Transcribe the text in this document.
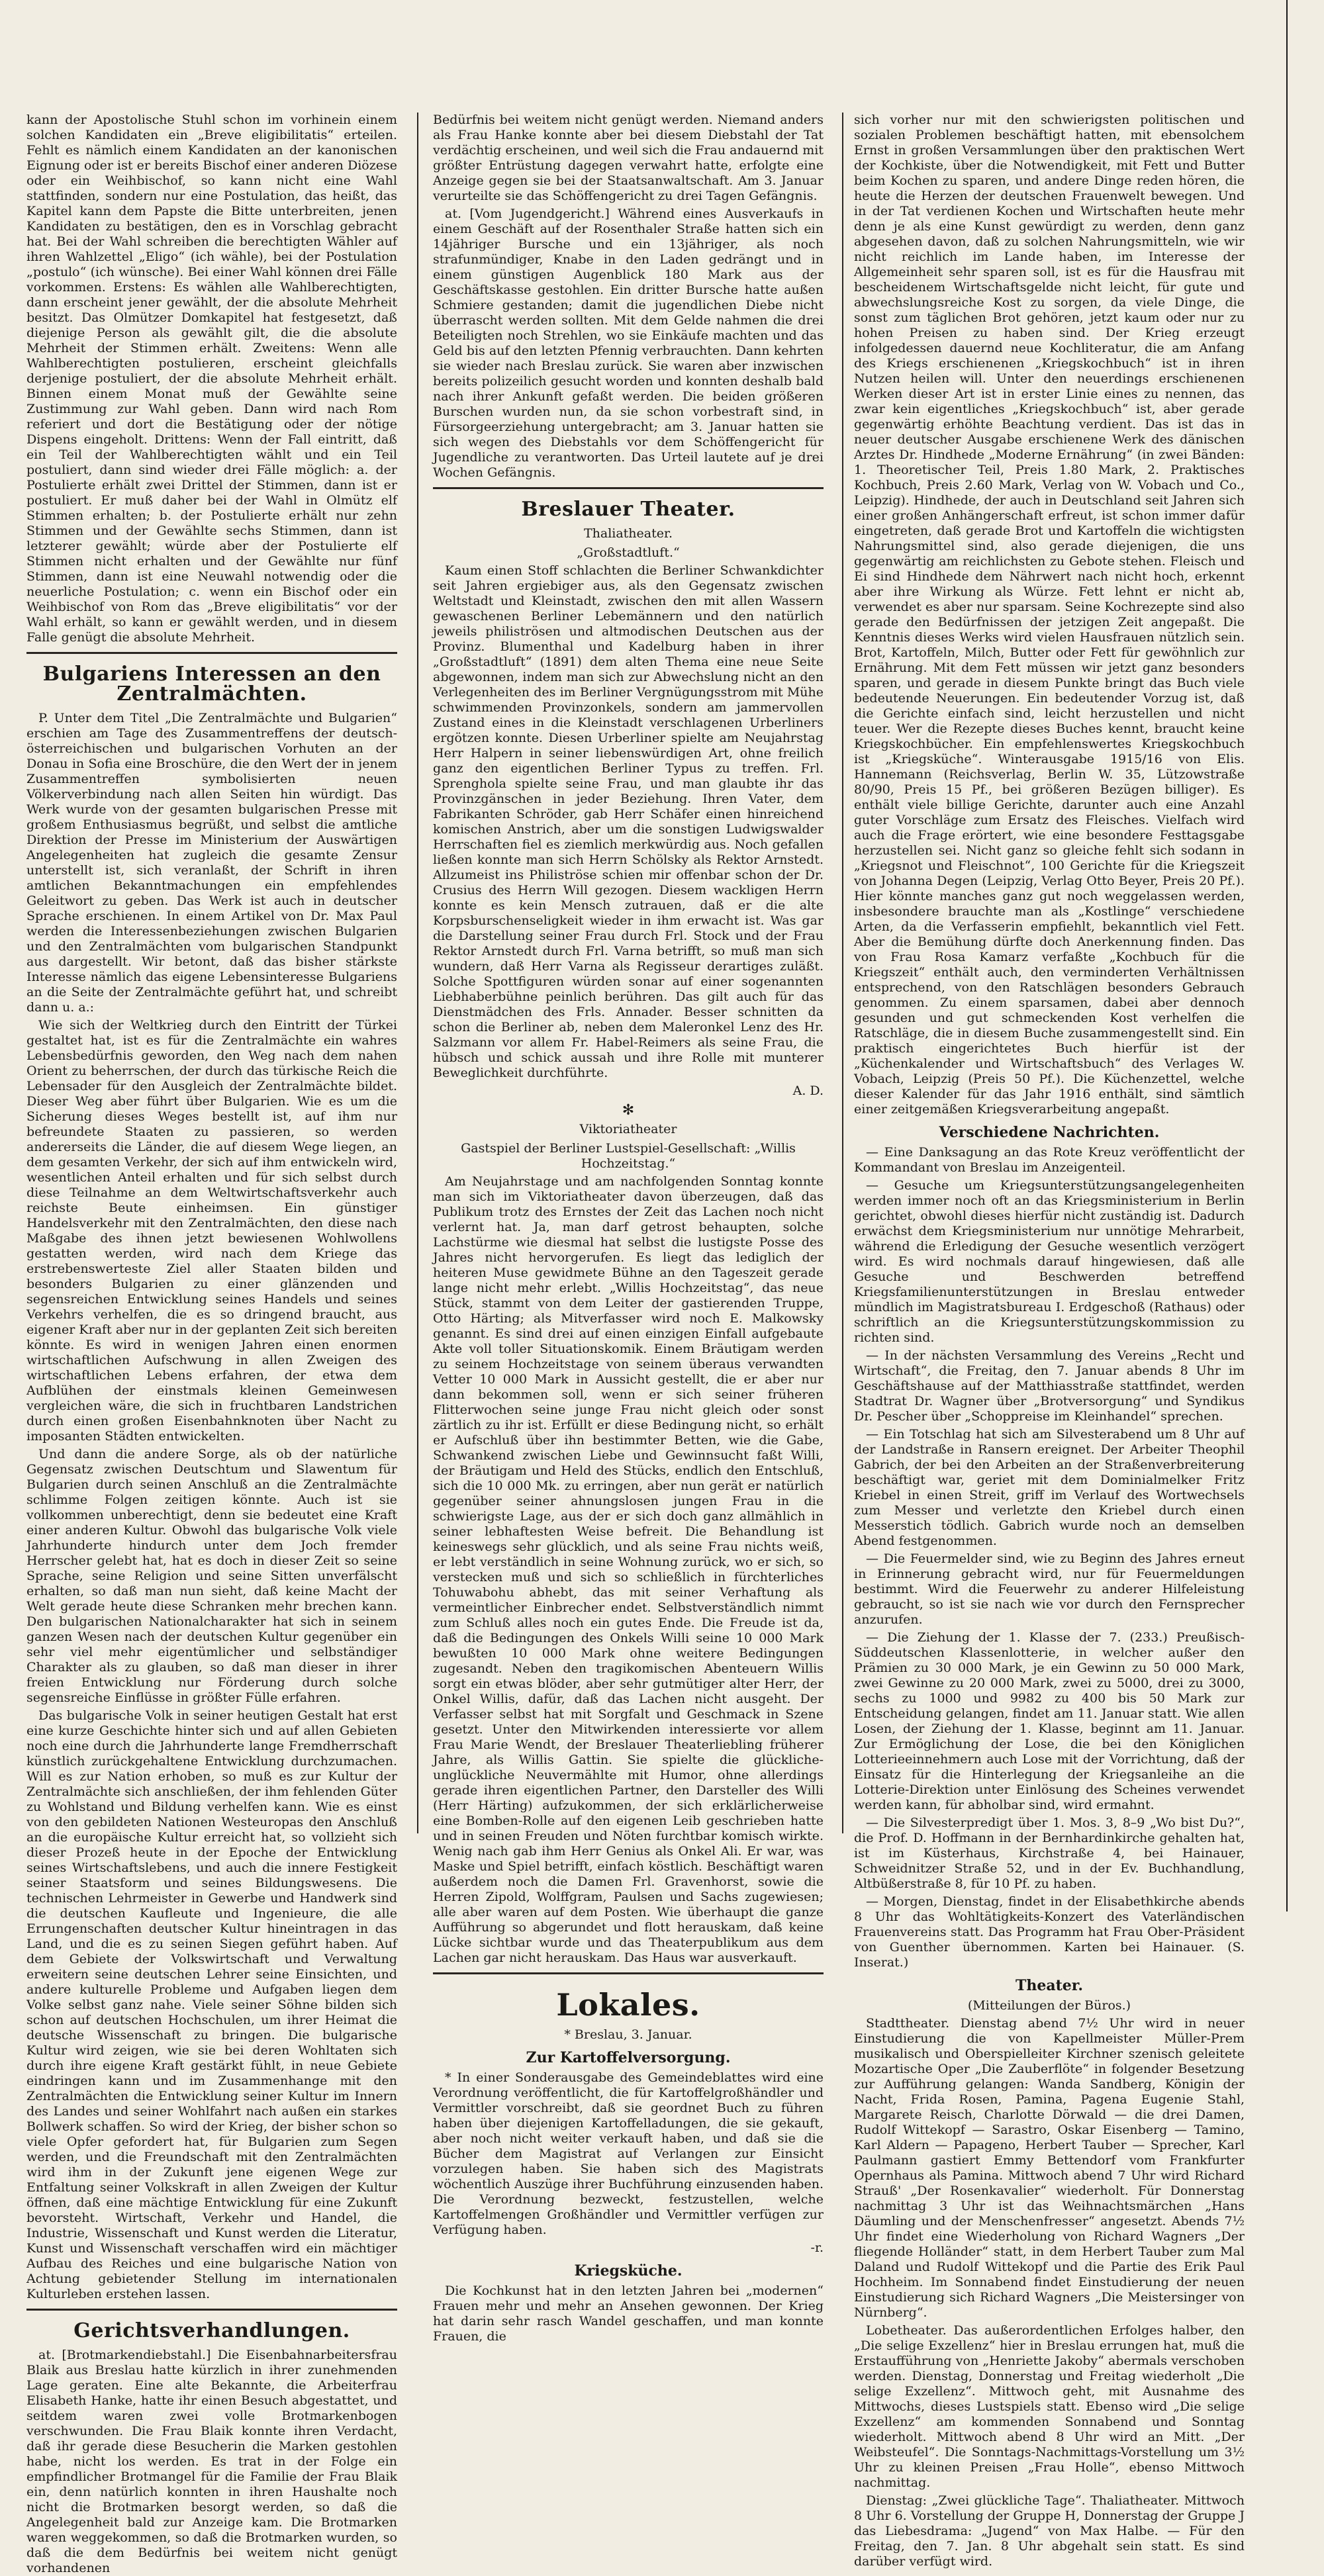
kann der Apostolische Stuhl schon im vorhinein einem solchen Kandidaten ein „Breve eligibilitatis“ erteilen. Fehlt es nämlich einem Kandidaten an der kanonischen Eignung oder ist er bereits Bischof einer anderen Diözese oder ein Weihbischof, so kann nicht eine Wahl stattfinden, sondern nur eine Postulation, das heißt, das Kapitel kann dem Papste die Bitte unterbreiten, jenen Kandidaten zu bestätigen, den es in Vorschlag gebracht hat. Bei der Wahl schreiben die berechtigten Wähler auf ihren Wahlzettel „Eligo“ (ich wähle), bei der Postulation „postulo“ (ich wünsche). Bei einer Wahl können drei Fälle vorkommen. Erstens: Es wählen alle Wahlberechtigten, dann erscheint jener gewählt, der die absolute Mehrheit besitzt. Das Olmützer Domkapitel hat festgesetzt, daß diejenige Person als gewählt gilt, die die absolute Mehrheit der Stimmen erhält. Zweitens: Wenn alle Wahlberechtigten postulieren, erscheint gleichfalls derjenige postuliert, der die absolute Mehrheit erhält. Binnen einem Monat muß der Gewählte seine Zustimmung zur Wahl geben. Dann wird nach Rom referiert und dort die Bestätigung oder der nötige Dispens eingeholt. Drittens: Wenn der Fall eintritt, daß ein Teil der Wahlberechtigten wählt und ein Teil postuliert, dann sind wieder drei Fälle möglich: a. der Postulierte erhält zwei Drittel der Stimmen, dann ist er postuliert. Er muß daher bei der Wahl in Olmütz elf Stimmen erhalten; b. der Postulierte erhält nur zehn Stimmen und der Gewählte sechs Stimmen, dann ist letzterer gewählt; würde aber der Postulierte elf Stimmen nicht erhalten und der Gewählte nur fünf Stimmen, dann ist eine Neuwahl notwendig oder die neuerliche Postulation; c. wenn ein Bischof oder ein Weihbischof von Rom das „Breve eligibilitatis“ vor der Wahl erhält, so kann er gewählt werden, und in diesem Falle genügt die absolute Mehrheit.

Bulgariens Interessen an den Zentralmächten.

P. Unter dem Titel „Die Zentralmächte und Bulgarien“ erschien am Tage des Zusammentreffens der deutsch-österreichischen und bulgarischen Vorhuten an der Donau in Sofia eine Broschüre, die den Wert der in jenem Zusammentreffen symbolisierten neuen Völkerverbindung nach allen Seiten hin würdigt. Das Werk wurde von der gesamten bulgarischen Presse mit großem Enthusiasmus begrüßt, und selbst die amtliche Direktion der Presse im Ministerium der Auswärtigen Angelegenheiten hat zugleich die gesamte Zensur unterstellt ist, sich veranlaßt, der Schrift in ihren amtlichen Bekanntmachungen ein empfehlendes Geleitwort zu geben. Das Werk ist auch in deutscher Sprache erschienen. In einem Artikel von Dr. Max Paul werden die Interessenbeziehungen zwischen Bulgarien und den Zentralmächten vom bulgarischen Standpunkt aus dargestellt. Wir betont, daß das bisher stärkste Interesse nämlich das eigene Lebensinteresse Bulgariens an die Seite der Zentralmächte geführt hat, und schreibt dann u. a.:

Wie sich der Weltkrieg durch den Eintritt der Türkei gestaltet hat, ist es für die Zentralmächte ein wahres Lebensbedürfnis geworden, den Weg nach dem nahen Orient zu beherrschen, der durch das türkische Reich die Lebensader für den Ausgleich der Zentralmächte bildet. Dieser Weg aber führt über Bulgarien. Wie es um die Sicherung dieses Weges bestellt ist, auf ihm nur befreundete Staaten zu passieren, so werden andererseits die Länder, die auf diesem Wege liegen, an dem gesamten Verkehr, der sich auf ihm entwickeln wird, wesentlichen Anteil erhalten und für sich selbst durch diese Teilnahme an dem Weltwirtschaftsverkehr auch reichste Beute einheimsen. Ein günstiger Handelsverkehr mit den Zentralmächten, den diese nach Maßgabe des ihnen jetzt bewiesenen Wohlwollens gestatten werden, wird nach dem Kriege das erstrebenswerteste Ziel aller Staaten bilden und besonders Bulgarien zu einer glänzenden und segensreichen Entwicklung seines Handels und seines Verkehrs verhelfen, die es so dringend braucht, aus eigener Kraft aber nur in der geplanten Zeit sich bereiten könnte. Es wird in wenigen Jahren einen enormen wirtschaftlichen Aufschwung in allen Zweigen des wirtschaftlichen Lebens erfahren, der etwa dem Aufblühen der einstmals kleinen Gemeinwesen vergleichen wäre, die sich in fruchtbaren Landstrichen durch einen großen Eisenbahnknoten über Nacht zu imposanten Städten entwickelten.

Und dann die andere Sorge, als ob der natürliche Gegensatz zwischen Deutschtum und Slawentum für Bulgarien durch seinen Anschluß an die Zentralmächte schlimme Folgen zeitigen könnte. Auch ist sie vollkommen unberechtigt, denn sie bedeutet eine Kraft einer anderen Kultur. Obwohl das bulgarische Volk viele Jahrhunderte hindurch unter dem Joch fremder Herrscher gelebt hat, hat es doch in dieser Zeit so seine Sprache, seine Religion und seine Sitten unverfälscht erhalten, so daß man nun sieht, daß keine Macht der Welt gerade heute diese Schranken mehr brechen kann. Den bulgarischen Nationalcharakter hat sich in seinem ganzen Wesen nach der deutschen Kultur gegenüber ein sehr viel mehr eigentümlicher und selbständiger Charakter als zu glauben, so daß man dieser in ihrer freien Entwicklung nur Förderung durch solche segensreiche Einflüsse in größter Fülle erfahren.

Das bulgarische Volk in seiner heutigen Gestalt hat erst eine kurze Geschichte hinter sich und auf allen Gebieten noch eine durch die Jahrhunderte lange Fremdherrschaft künstlich zurückgehaltene Entwicklung durchzumachen. Will es zur Nation erhoben, so muß es zur Kultur der Zentralmächte sich anschließen, der ihm fehlenden Güter zu Wohlstand und Bildung verhelfen kann. Wie es einst von den gebildeten Nationen Westeuropas den Anschluß an die europäische Kultur erreicht hat, so vollzieht sich dieser Prozeß heute in der Epoche der Entwicklung seines Wirtschaftslebens, und auch die innere Festigkeit seiner Staatsform und seines Bildungswesens. Die technischen Lehrmeister in Gewerbe und Handwerk sind die deutschen Kaufleute und Ingenieure, die alle Errungenschaften deutscher Kultur hineintragen in das Land, und die es zu seinen Siegen geführt haben. Auf dem Gebiete der Volkswirtschaft und Verwaltung erweitern seine deutschen Lehrer seine Einsichten, und andere kulturelle Probleme und Aufgaben liegen dem Volke selbst ganz nahe. Viele seiner Söhne bilden sich schon auf deutschen Hochschulen, um ihrer Heimat die deutsche Wissenschaft zu bringen. Die bulgarische Kultur wird zeigen, wie sie bei deren Wohltaten sich durch ihre eigene Kraft gestärkt fühlt, in neue Gebiete eindringen kann und im Zusammenhange mit den Zentralmächten die Entwicklung seiner Kultur im Innern des Landes und seiner Wohlfahrt nach außen ein starkes Bollwerk schaffen. So wird der Krieg, der bisher schon so viele Opfer gefordert hat, für Bulgarien zum Segen werden, und die Freundschaft mit den Zentralmächten wird ihm in der Zukunft jene eigenen Wege zur Entfaltung seiner Volkskraft in allen Zweigen der Kultur öffnen, daß eine mächtige Entwicklung für eine Zukunft bevorsteht. Wirtschaft, Verkehr und Handel, die Industrie, Wissenschaft und Kunst werden die Literatur, Kunst und Wissenschaft verschaffen wird ein mächtiger Aufbau des Reiches und eine bulgarische Nation von Achtung gebietender Stellung im internationalen Kulturleben erstehen lassen.

Gerichtsverhandlungen.

at. [Brotmarkendiebstahl.] Die Eisenbahnarbeitersfrau Blaik aus Breslau hatte kürzlich in ihrer zunehmenden Lage geraten. Eine alte Bekannte, die Arbeiterfrau Elisabeth Hanke, hatte ihr einen Besuch abgestattet, und seitdem waren zwei volle Brotmarkenbogen verschwunden. Die Frau Blaik konnte ihren Verdacht, daß ihr gerade diese Besucherin die Marken gestohlen habe, nicht los werden. Es trat in der Folge ein empfindlicher Brotmangel für die Familie der Frau Blaik ein, denn natürlich konnten in ihren Haushalte noch nicht die Brotmarken besorgt werden, so daß die Angelegenheit bald zur Anzeige kam. Die Brotmarken waren weggekommen, so daß die Brotmarken wurden, so daß die dem Bedürfnis bei weitem nicht genügt vorhandenen

Bedürfnis bei weitem nicht genügt werden. Niemand anders als Frau Hanke konnte aber bei diesem Diebstahl der Tat verdächtig erscheinen, und weil sich die Frau andauernd mit größter Entrüstung dagegen verwahrt hatte, erfolgte eine Anzeige gegen sie bei der Staatsanwaltschaft. Am 3. Januar verurteilte sie das Schöffengericht zu drei Tagen Gefängnis.

at. [Vom Jugendgericht.] Während eines Ausverkaufs in einem Geschäft auf der Rosenthaler Straße hatten sich ein 14jähriger Bursche und ein 13jähriger, als noch strafunmündiger, Knabe in den Laden gedrängt und in einem günstigen Augenblick 180 Mark aus der Geschäftskasse gestohlen. Ein dritter Bursche hatte außen Schmiere gestanden; damit die jugendlichen Diebe nicht überrascht werden sollten. Mit dem Gelde nahmen die drei Beteiligten noch Strehlen, wo sie Einkäufe machten und das Geld bis auf den letzten Pfennig verbrauchten. Dann kehrten sie wieder nach Breslau zurück. Sie waren aber inzwischen bereits polizeilich gesucht worden und konnten deshalb bald nach ihrer Ankunft gefaßt werden. Die beiden größeren Burschen wurden nun, da sie schon vorbestraft sind, in Fürsorgeerziehung untergebracht; am 3. Januar hatten sie sich wegen des Diebstahls vor dem Schöffengericht für Jugendliche zu verantworten. Das Urteil lautete auf je drei Wochen Gefängnis.

Breslauer Theater.
Thaliatheater.
„Großstadtluft.“

Kaum einen Stoff schlachten die Berliner Schwankdichter seit Jahren ergiebiger aus, als den Gegensatz zwischen Weltstadt und Kleinstadt, zwischen den mit allen Wassern gewaschenen Berliner Lebemännern und den natürlich jeweils philiströsen und altmodischen Deutschen aus der Provinz. Blumenthal und Kadelburg haben in ihrer „Großstadtluft“ (1891) dem alten Thema eine neue Seite abgewonnen, indem man sich zur Abwechslung nicht an den Verlegenheiten des im Berliner Vergnügungsstrom mit Mühe schwimmenden Provinzonkels, sondern am jammervollen Zustand eines in die Kleinstadt verschlagenen Urberliners ergötzen konnte. Diesen Urberliner spielte am Neujahrstag Herr Halpern in seiner liebenswürdigen Art, ohne freilich ganz den eigentlichen Berliner Typus zu treffen. Frl. Sprenghola spielte seine Frau, und man glaubte ihr das Provinzgänschen in jeder Beziehung. Ihren Vater, dem Fabrikanten Schröder, gab Herr Schäfer einen hinreichend komischen Anstrich, aber um die sonstigen Ludwigswalder Herrschaften fiel es ziemlich merkwürdig aus. Noch gefallen ließen konnte man sich Herrn Schölsky als Rektor Arnstedt. Allzumeist ins Philiströse schien mir offenbar schon der Dr. Crusius des Herrn Will gezogen. Diesem wackligen Herrn konnte es kein Mensch zutrauen, daß er die alte Korpsburschenseligkeit wieder in ihm erwacht ist. Was gar die Darstellung seiner Frau durch Frl. Stock und der Frau Rektor Arnstedt durch Frl. Varna betrifft, so muß man sich wundern, daß Herr Varna als Regisseur derartiges zuläßt. Solche Spottfiguren würden sonar auf einer sogenannten Liebhaberbühne peinlich berühren. Das gilt auch für das Dienstmädchen des Frls. Annader. Besser schnitten da schon die Berliner ab, neben dem Maleronkel Lenz des Hr. Salzmann vor allem Fr. Habel-Reimers als seine Frau, die hübsch und schick aussah und ihre Rolle mit munterer Beweglichkeit durchführte.

A. D.
✻
Viktoriatheater
Gastspiel der Berliner Lustspiel-Gesellschaft: „Willis Hochzeitstag.“

Am Neujahrstage und am nachfolgenden Sonntag konnte man sich im Viktoriatheater davon überzeugen, daß das Publikum trotz des Ernstes der Zeit das Lachen noch nicht verlernt hat. Ja, man darf getrost behaupten, solche Lachstürme wie diesmal hat selbst die lustigste Posse des Jahres nicht hervorgerufen. Es liegt das lediglich der heiteren Muse gewidmete Bühne an den Tageszeit gerade lange nicht mehr erlebt. „Willis Hochzeitstag“, das neue Stück, stammt von dem Leiter der gastierenden Truppe, Otto Härting; als Mitverfasser wird noch E. Malkowsky genannt. Es sind drei auf einen einzigen Einfall aufgebaute Akte voll toller Situationskomik. Einem Bräutigam werden zu seinem Hochzeitstage von seinem überaus verwandten Vetter 10 000 Mark in Aussicht gestellt, die er aber nur dann bekommen soll, wenn er sich seiner früheren Flitterwochen seine junge Frau nicht gleich oder sonst zärtlich zu ihr ist. Erfüllt er diese Bedingung nicht, so erhält er Aufschluß über ihn bestimmter Betten, wie die Gabe, Schwankend zwischen Liebe und Gewinnsucht faßt Willi, der Bräutigam und Held des Stücks, endlich den Entschluß, sich die 10 000 Mk. zu erringen, aber nun gerät er natürlich gegenüber seiner ahnungslosen jungen Frau in die schwierigste Lage, aus der er sich doch ganz allmählich in seiner lebhaftesten Weise befreit. Die Behandlung ist keineswegs sehr glücklich, und als seine Frau nichts weiß, er lebt verständlich in seine Wohnung zurück, wo er sich, so verstecken muß und sich so schließlich in fürchterliches Tohuwabohu abhebt, das mit seiner Verhaftung als vermeintlicher Einbrecher endet. Selbstverständlich nimmt zum Schluß alles noch ein gutes Ende. Die Freude ist da, daß die Bedingungen des Onkels Willi seine 10 000 Mark bewußten 10 000 Mark ohne weitere Bedingungen zugesandt. Neben den tragikomischen Abenteuern Willis sorgt ein etwas blöder, aber sehr gutmütiger alter Herr, der Onkel Willis, dafür, daß das Lachen nicht ausgeht. Der Verfasser selbst hat mit Sorgfalt und Geschmack in Szene gesetzt. Unter den Mitwirkenden interessierte vor allem Frau Marie Wendt, der Breslauer Theaterliebling früherer Jahre, als Willis Gattin. Sie spielte die glückliche-unglückliche Neuvermählte mit Humor, ohne allerdings gerade ihren eigentlichen Partner, den Darsteller des Willi (Herr Härting) aufzukommen, der sich erklärlicherweise eine Bomben-Rolle auf den eigenen Leib geschrieben hatte und in seinen Freuden und Nöten furchtbar komisch wirkte. Wenig nach gab ihm Herr Genius als Onkel Ali. Er war, was Maske und Spiel betrifft, einfach köstlich. Beschäftigt waren außerdem noch die Damen Frl. Gravenhorst, sowie die Herren Zipold, Wolffgram, Paulsen und Sachs zugewiesen; alle aber waren auf dem Posten. Wie überhaupt die ganze Aufführung so abgerundet und flott herauskam, daß keine Lücke sichtbar wurde und das Theaterpublikum aus dem Lachen gar nicht herauskam. Das Haus war ausverkauft.

Lokales.
* Breslau, 3. Januar.
Zur Kartoffelversorgung.

* In einer Sonderausgabe des Gemeindeblattes wird eine Verordnung veröffentlicht, die für Kartoffelgroßhändler und Vermittler vorschreibt, daß sie geordnet Buch zu führen haben über diejenigen Kartoffelladungen, die sie gekauft, aber noch nicht weiter verkauft haben, und daß sie die Bücher dem Magistrat auf Verlangen zur Einsicht vorzulegen haben. Sie haben sich des Magistrats wöchentlich Auszüge ihrer Buchführung einzusenden haben. Die Verordnung bezweckt, festzustellen, welche Kartoffelmengen Großhändler und Vermittler verfügen zur Verfügung haben.

-r.
Kriegsküche.

Die Kochkunst hat in den letzten Jahren bei „modernen“ Frauen mehr und mehr an Ansehen gewonnen. Der Krieg hat darin sehr rasch Wandel geschaffen, und man konnte Frauen, die

sich vorher nur mit den schwierigsten politischen und sozialen Problemen beschäftigt hatten, mit ebensolchem Ernst in großen Versammlungen über den praktischen Wert der Kochkiste, über die Notwendigkeit, mit Fett und Butter beim Kochen zu sparen, und andere Dinge reden hören, die heute die Herzen der deutschen Frauenwelt bewegen. Und in der Tat verdienen Kochen und Wirtschaften heute mehr denn je als eine Kunst gewürdigt zu werden, denn ganz abgesehen davon, daß zu solchen Nahrungsmitteln, wie wir nicht reichlich im Lande haben, im Interesse der Allgemeinheit sehr sparen soll, ist es für die Hausfrau mit bescheidenem Wirtschaftsgelde nicht leicht, für gute und abwechslungsreiche Kost zu sorgen, da viele Dinge, die sonst zum täglichen Brot gehören, jetzt kaum oder nur zu hohen Preisen zu haben sind. Der Krieg erzeugt infolgedessen dauernd neue Kochliteratur, die am Anfang des Kriegs erschienenen „Kriegskochbuch“ ist in ihren Nutzen heilen will. Unter den neuerdings erschienenen Werken dieser Art ist in erster Linie eines zu nennen, das zwar kein eigentliches „Kriegskochbuch“ ist, aber gerade gegenwärtig erhöhte Beachtung verdient. Das ist das in neuer deutscher Ausgabe erschienene Werk des dänischen Arztes Dr. Hindhede „Moderne Ernährung“ (in zwei Bänden: 1. Theoretischer Teil, Preis 1.80 Mark, 2. Praktisches Kochbuch, Preis 2.60 Mark, Verlag von W. Vobach und Co., Leipzig). Hindhede, der auch in Deutschland seit Jahren sich einer großen Anhängerschaft erfreut, ist schon immer dafür eingetreten, daß gerade Brot und Kartoffeln die wichtigsten Nahrungsmittel sind, also gerade diejenigen, die uns gegenwärtig am reichlichsten zu Gebote stehen. Fleisch und Ei sind Hindhede dem Nährwert nach nicht hoch, erkennt aber ihre Wirkung als Würze. Fett lehnt er nicht ab, verwendet es aber nur sparsam. Seine Kochrezepte sind also gerade den Bedürfnissen der jetzigen Zeit angepaßt. Die Kenntnis dieses Werks wird vielen Hausfrauen nützlich sein. Brot, Kartoffeln, Milch, Butter oder Fett für gewöhnlich zur Ernährung. Mit dem Fett müssen wir jetzt ganz besonders sparen, und gerade in diesem Punkte bringt das Buch viele bedeutende Neuerungen. Ein bedeutender Vorzug ist, daß die Gerichte einfach sind, leicht herzustellen und nicht teuer. Wer die Rezepte dieses Buches kennt, braucht keine Kriegskochbücher. Ein empfehlenswertes Kriegskochbuch ist „Kriegsküche“. Winterausgabe 1915/16 von Elis. Hannemann (Reichsverlag, Berlin W. 35, Lützowstraße 80/90, Preis 15 Pf., bei größeren Bezügen billiger). Es enthält viele billige Gerichte, darunter auch eine Anzahl guter Vorschläge zum Ersatz des Fleisches. Vielfach wird auch die Frage erörtert, wie eine besondere Festtagsgabe herzustellen sei. Nicht ganz so gleiche fehlt sich sodann in „Kriegsnot und Fleischnot“, 100 Gerichte für die Kriegszeit von Johanna Degen (Leipzig, Verlag Otto Beyer, Preis 20 Pf.). Hier könnte manches ganz gut noch weggelassen werden, insbesondere brauchte man als „Kostlinge“ verschiedene Arten, da die Verfasserin empfiehlt, bekanntlich viel Fett. Aber die Bemühung dürfte doch Anerkennung finden. Das von Frau Rosa Kamarz verfaßte „Kochbuch für die Kriegszeit“ enthält auch, den verminderten Verhältnissen entsprechend, von den Ratschlägen besonders Gebrauch genommen. Zu einem sparsamen, dabei aber dennoch gesunden und gut schmeckenden Kost verhelfen die Ratschläge, die in diesem Buche zusammengestellt sind. Ein praktisch eingerichtetes Buch hierfür ist der „Küchenkalender und Wirtschaftsbuch“ des Verlages W. Vobach, Leipzig (Preis 50 Pf.). Die Küchenzettel, welche dieser Kalender für das Jahr 1916 enthält, sind sämtlich einer zeitgemäßen Kriegsverarbeitung angepaßt.

Verschiedene Nachrichten.

— Eine Danksagung an das Rote Kreuz veröffentlicht der Kommandant von Breslau im Anzeigenteil.

— Gesuche um Kriegsunterstützungsangelegenheiten werden immer noch oft an das Kriegsministerium in Berlin gerichtet, obwohl dieses hierfür nicht zuständig ist. Dadurch erwächst dem Kriegsministerium nur unnötige Mehrarbeit, während die Erledigung der Gesuche wesentlich verzögert wird. Es wird nochmals darauf hingewiesen, daß alle Gesuche und Beschwerden betreffend Kriegsfamilienunterstützungen in Breslau entweder mündlich im Magistratsbureau I. Erdgeschoß (Rathaus) oder schriftlich an die Kriegsunterstützungskommission zu richten sind.

— In der nächsten Versammlung des Vereins „Recht und Wirtschaft“, die Freitag, den 7. Januar abends 8 Uhr im Geschäftshause auf der Matthiasstraße stattfindet, werden Stadtrat Dr. Wagner über „Brotversorgung“ und Syndikus Dr. Pescher über „Schoppreise im Kleinhandel“ sprechen.

— Ein Totschlag hat sich am Silvesterabend um 8 Uhr auf der Landstraße in Ransern ereignet. Der Arbeiter Theophil Gabrich, der bei den Arbeiten an der Straßenverbreiterung beschäftigt war, geriet mit dem Dominialmelker Fritz Kriebel in einen Streit, griff im Verlauf des Wortwechsels zum Messer und verletzte den Kriebel durch einen Messerstich tödlich. Gabrich wurde noch an demselben Abend festgenommen.

— Die Feuermelder sind, wie zu Beginn des Jahres erneut in Erinnerung gebracht wird, nur für Feuermeldungen bestimmt. Wird die Feuerwehr zu anderer Hilfeleistung gebraucht, so ist sie nach wie vor durch den Fernsprecher anzurufen.

— Die Ziehung der 1. Klasse der 7. (233.) Preußisch-Süddeutschen Klassenlotterie, in welcher außer den Prämien zu 30 000 Mark, je ein Gewinn zu 50 000 Mark, zwei Gewinne zu 20 000 Mark, zwei zu 5000, drei zu 3000, sechs zu 1000 und 9982 zu 400 bis 50 Mark zur Entscheidung gelangen, findet am 11. Januar statt. Wie allen Losen, der Ziehung der 1. Klasse, beginnt am 11. Januar. Zur Ermöglichung der Lose, die bei den Königlichen Lotterieeinnehmern auch Lose mit der Vorrichtung, daß der Einsatz für die Hinterlegung der Kriegsanleihe an die Lotterie-Direktion unter Einlösung des Scheines verwendet werden kann, für abholbar sind, wird ermahnt.

— Die Silvesterpredigt über 1. Mos. 3, 8–9 „Wo bist Du?“, die Prof. D. Hoffmann in der Bernhardinkirche gehalten hat, ist im Küsterhaus, Kirchstraße 4, bei Hainauer, Schweidnitzer Straße 52, und in der Ev. Buchhandlung, Altbüßerstraße 8, für 10 Pf. zu haben.

— Morgen, Dienstag, findet in der Elisabethkirche abends 8 Uhr das Wohltätigkeits-Konzert des Vaterländischen Frauenvereins statt. Das Programm hat Frau Ober-Präsident von Guenther übernommen. Karten bei Hainauer. (S. Inserat.)

Theater.
(Mitteilungen der Büros.)

Stadttheater. Dienstag abend 7½ Uhr wird in neuer Einstudierung die von Kapellmeister Müller-Prem musikalisch und Oberspielleiter Kirchner szenisch geleitete Mozartische Oper „Die Zauberflöte“ in folgender Besetzung zur Aufführung gelangen: Wanda Sandberg, Königin der Nacht, Frida Rosen, Pamina, Pagena Eugenie Stahl, Margarete Reisch, Charlotte Dörwald — die drei Damen, Rudolf Wittekopf — Sarastro, Oskar Eisenberg — Tamino, Karl Aldern — Papageno, Herbert Tauber — Sprecher, Karl Paulmann gastiert Emmy Bettendorf vom Frankfurter Opernhaus als Pamina. Mittwoch abend 7 Uhr wird Richard Strauß' „Der Rosenkavalier“ wiederholt. Für Donnerstag nachmittag 3 Uhr ist das Weihnachtsmärchen „Hans Däumling und der Menschenfresser“ angesetzt. Abends 7½ Uhr findet eine Wiederholung von Richard Wagners „Der fliegende Holländer“ statt, in dem Herbert Tauber zum Mal Daland und Rudolf Wittekopf und die Partie des Erik Paul Hochheim. Im Sonnabend findet Einstudierung der neuen Einstudierung sich Richard Wagners „Die Meistersinger von Nürnberg“.

Lobetheater. Das außerordentlichen Erfolges halber, den „Die selige Exzellenz“ hier in Breslau errungen hat, muß die Erstaufführung von „Henriette Jakoby“ abermals verschoben werden. Dienstag, Donnerstag und Freitag wiederholt „Die selige Exzellenz“. Mittwoch geht, mit Ausnahme des Mittwochs, dieses Lustspiels statt. Ebenso wird „Die selige Exzellenz“ am kommenden Sonnabend und Sonntag wiederholt. Mittwoch abend 8 Uhr wird an Mitt. „Der Weibsteufel“. Die Sonntags-Nachmittags-Vorstellung um 3½ Uhr zu kleinen Preisen „Frau Holle“, ebenso Mittwoch nachmittag.

Dienstag: „Zwei glückliche Tage“. Thaliatheater. Mittwoch 8 Uhr 6. Vorstellung der Gruppe H, Donnerstag der Gruppe J das Liebesdrama: „Jugend“ von Max Halbe. — Für den Freitag, den 7. Jan. 8 Uhr abgehalt sein statt. Es sind darüber verfügt wird.
